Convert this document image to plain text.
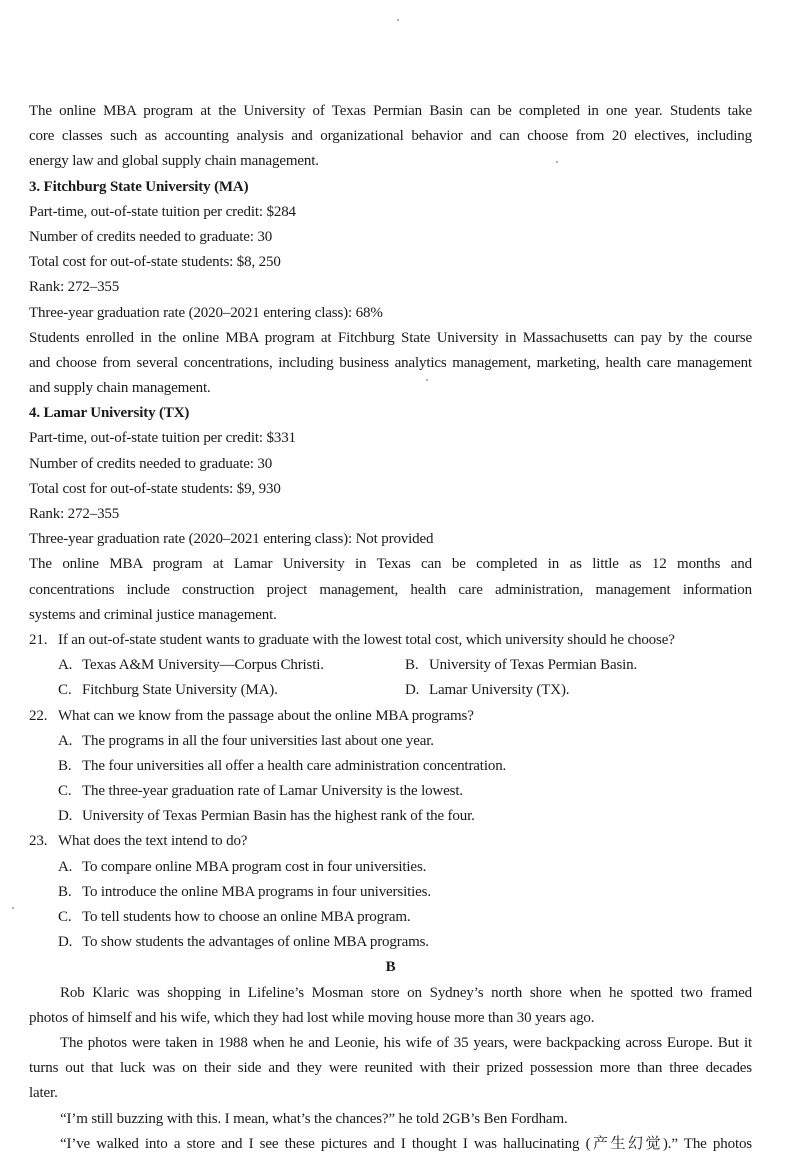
The online MBA program at the University of Texas Permian Basin can be completed in one year. Students take
core classes such as accounting analysis and organizational behavior and can choose from 20 electives, including
energy law and global supply chain management.
3. Fitchburg State University (MA)
Part-time, out-of-state tuition per credit: $284
Number of credits needed to graduate: 30
Total cost for out-of-state students: $8, 250
Rank: 272–355
Three-year graduation rate (2020–2021 entering class): 68%
Students enrolled in the online MBA program at Fitchburg State University in Massachusetts can pay by the course
and choose from several concentrations, including business analytics management, marketing, health care management
and supply chain management.
4. Lamar University (TX)
Part-time, out-of-state tuition per credit: $331
Number of credits needed to graduate: 30
Total cost for out-of-state students: $9, 930
Rank: 272–355
Three-year graduation rate (2020–2021 entering class): Not provided
The online MBA program at Lamar University in Texas can be completed in as little as 12 months and
concentrations include construction project management, health care administration, management information
systems and criminal justice management.
21. If an out-of-state student wants to graduate with the lowest total cost, which university should he choose?
A. Texas A&M University—Corpus Christi.	B. University of Texas Permian Basin.
C. Fitchburg State University (MA).	D. Lamar University (TX).
22. What can we know from the passage about the online MBA programs?
A. The programs in all the four universities last about one year.
B. The four universities all offer a health care administration concentration.
C. The three-year graduation rate of Lamar University is the lowest.
D. University of Texas Permian Basin has the highest rank of the four.
23. What does the text intend to do?
A. To compare online MBA program cost in four universities.
B. To introduce the online MBA programs in four universities.
C. To tell students how to choose an online MBA program.
D. To show students the advantages of online MBA programs.
B
Rob Klaric was shopping in Lifeline’s Mosman store on Sydney’s north shore when he spotted two framed
photos of himself and his wife, which they had lost while moving house more than 30 years ago.
The photos were taken in 1988 when he and Leonie, his wife of 35 years, were backpacking across Europe. But it
turns out that luck was on their side and they were reunited with their prized possession more than three decades
later.
“I’m still buzzing with this. I mean, what’s the chances?” he told 2GB’s Ben Fordham.
“I’ve walked into a store and I see these pictures and I thought I was hallucinating (产生幻觉).” The photos
